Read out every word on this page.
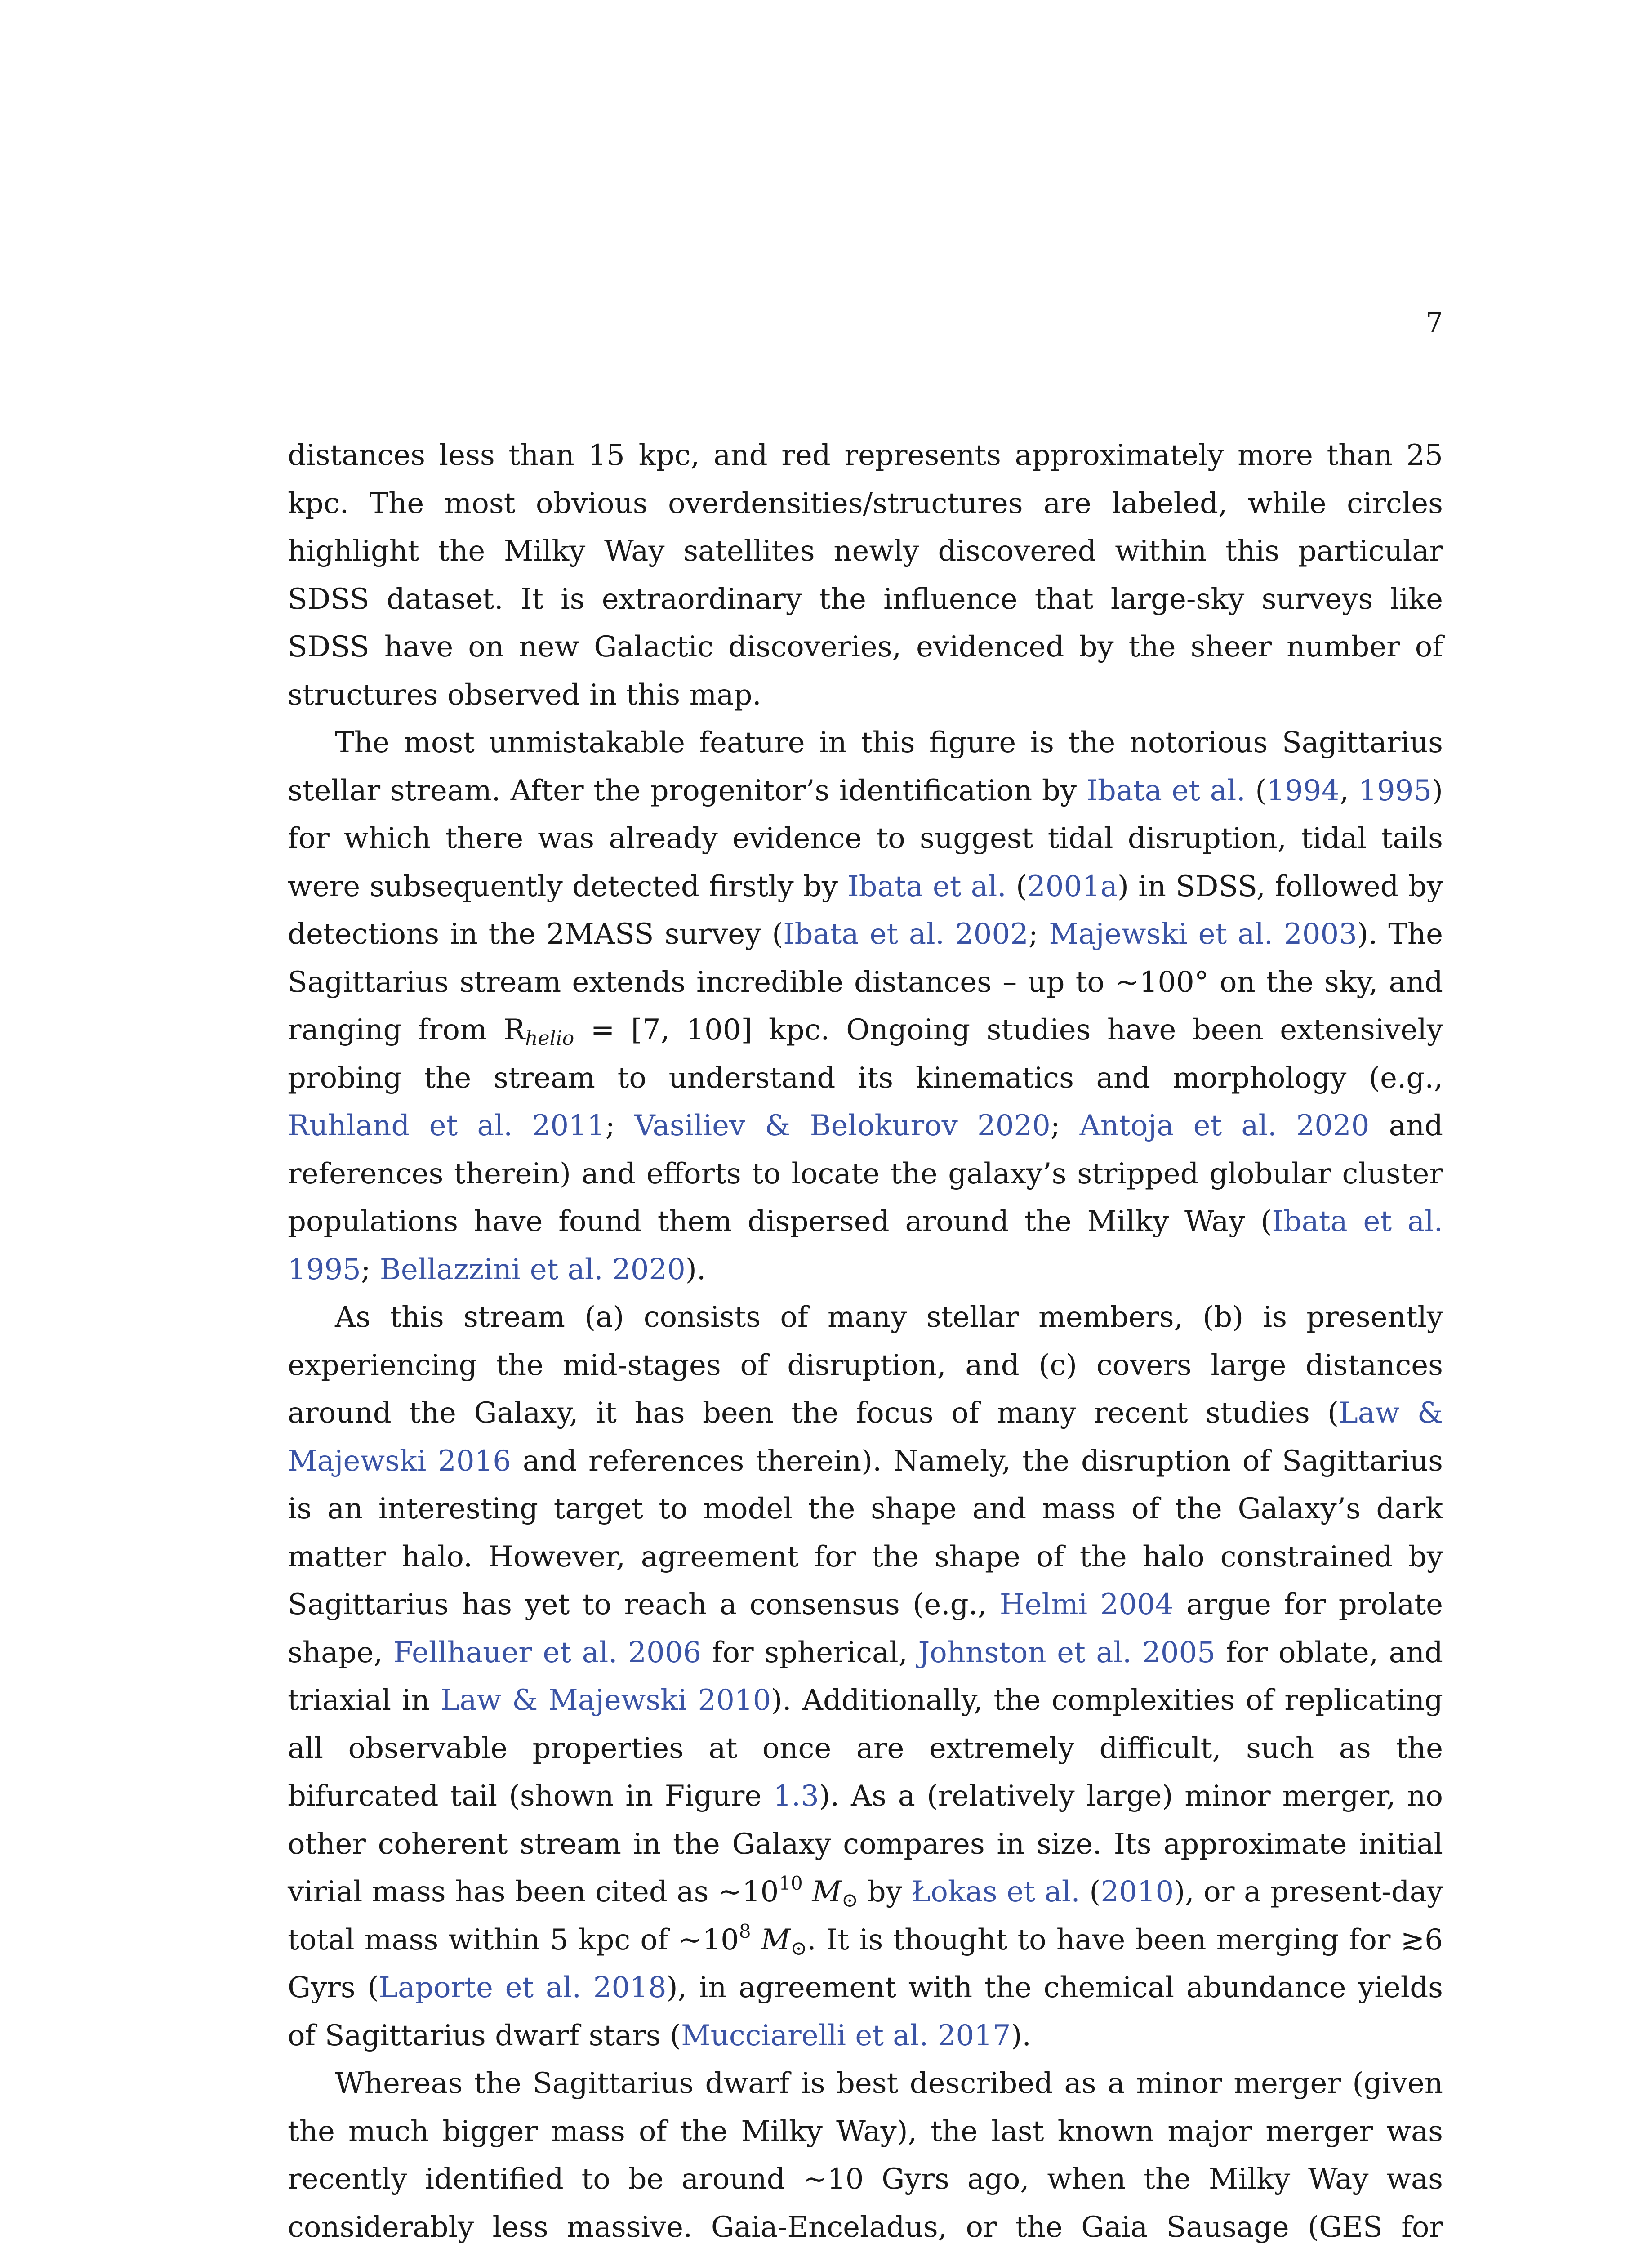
7

distances less than 15 kpc, and red represents approximately more than 25 kpc. The most obvious overdensities/structures are labeled, while circles highlight the Milky Way satellites newly discovered within this particular SDSS dataset. It is extraordinary the influence that large-sky surveys like SDSS have on new Galactic discoveries, evidenced by the sheer number of structures observed in this map.

The most unmistakable feature in this figure is the notorious Sagittarius stellar stream. After the progenitor’s identification by Ibata et al. (1994, 1995) for which there was already evidence to suggest tidal disruption, tidal tails were subsequently detected firstly by Ibata et al. (2001a) in SDSS, followed by detections in the 2MASS survey (Ibata et al. 2002; Majewski et al. 2003). The Sagittarius stream extends incredible distances – up to ~100° on the sky, and ranging from $R_{helio} = [7$, 100] kpc. Ongoing studies have been extensively probing the stream to understand its kinematics and morphology (e.g., Ruhland et al. 2011; Vasiliev & Belokurov 2020; Antoja et al. 2020 and references therein) and efforts to locate the galaxy’s stripped globular cluster populations have found them dispersed around the Milky Way (Ibata et al. 1995; Bellazzini et al. 2020).

As this stream (a) consists of many stellar members, (b) is presently experiencing the mid-stages of disruption, and (c) covers large distances around the Galaxy, it has been the focus of many recent studies (Law & Majewski 2016 and references therein). Namely, the disruption of Sagittarius is an interesting target to model the shape and mass of the Galaxy’s dark matter halo. However, agreement for the shape of the halo constrained by Sagittarius has yet to reach a consensus (e.g., Helmi 2004 argue for prolate shape, Fellhauer et al. 2006 for spherical, Johnston et al. 2005 for oblate, and triaxial in Law & Majewski 2010). Additionally, the complexities of replicating all observable properties at once are extremely difficult, such as the bifurcated tail (shown in Figure 1.3). As a (relatively large) minor merger, no other coherent stream in the Galaxy compares in size. Its approximate initial virial mass has been cited as $\sim 10^{10}$ $M_⊙$ by Łokas et al. (2010), or a present-day total mass within 5 kpc of $\sim 10^8$ $M_⊙$. It is thought to have been merging for ≳6 Gyrs (Laporte et al. 2018), in agreement with the chemical abundance yields of Sagittarius dwarf stars (Mucciarelli et al. 2017).

Whereas the Sagittarius dwarf is best described as a minor merger (given the much bigger mass of the Milky Way), the last known major merger was recently identified to be around ~10 Gyrs ago, when the Milky Way was considerably less massive. Gaia-Enceladus, or the Gaia Sausage (GES for
